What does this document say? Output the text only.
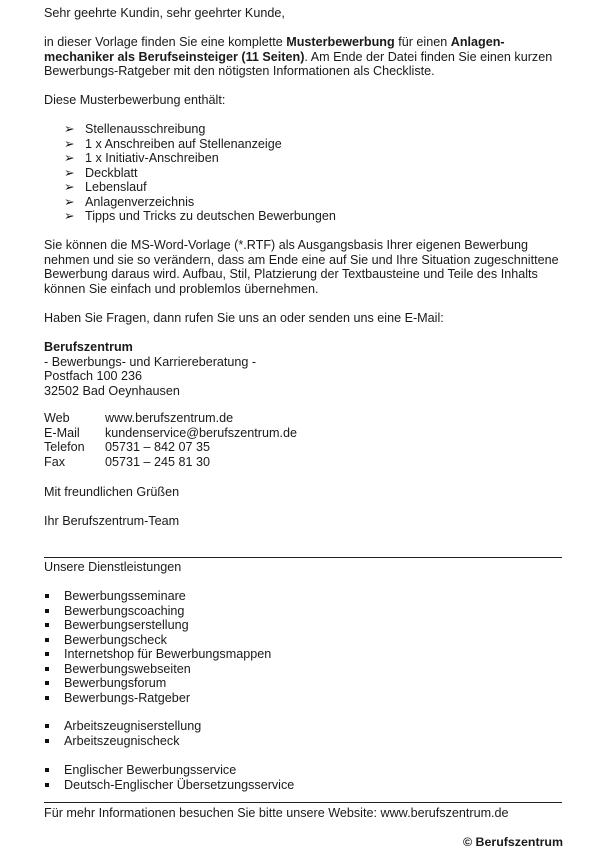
Sehr geehrte Kundin, sehr geehrter Kunde,

in dieser Vorlage finden Sie eine komplette Musterbewerbung für einen Anlagen-mechaniker als Berufseinsteiger (11 Seiten). Am Ende der Datei finden Sie einen kurzen Bewerbungs-Ratgeber mit den nötigsten Informationen als Checkliste.

Diese Musterbewerbung enthält:
➢ Stellenausschreibung
➢ 1 x Anschreiben auf Stellenanzeige
➢ 1 x Initiativ-Anschreiben
➢ Deckblatt
➢ Lebenslauf
➢ Anlagenverzeichnis
➢ Tipps und Tricks zu deutschen Bewerbungen

Sie können die MS-Word-Vorlage (*.RTF) als Ausgangsbasis Ihrer eigenen Bewerbung nehmen und sie so verändern, dass am Ende eine auf Sie und Ihre Situation zugeschnittene Bewerbung daraus wird. Aufbau, Stil, Platzierung der Textbausteine und Teile des Inhalts können Sie einfach und problemlos übernehmen.

Haben Sie Fragen, dann rufen Sie uns an oder senden uns eine E-Mail:

Berufszentrum
- Bewerbungs- und Karriereberatung -
Postfach 100 236
32502 Bad Oeynhausen
Web	www.berufszentrum.de
E-Mail	kundenservice@berufszentrum.de
Telefon	05731 – 842 07 35
Fax	05731 – 245 81 30
Mit freundlichen Grüßen
Ihr Berufszentrum-Team
Unsere Dienstleistungen
Bewerbungsseminare
Bewerbungscoaching
Bewerbungserstellung
Bewerbungscheck
Internetshop für Bewerbungsmappen
Bewerbungswebseiten
Bewerbungsforum
Bewerbungs-Ratgeber
Arbeitszeugniserstellung
Arbeitszeugnischeck
Englischer Bewerbungsservice
Deutsch-Englischer Übersetzungsservice
Für mehr Informationen besuchen Sie bitte unsere Website: www.berufszentrum.de
© Berufszentrum
